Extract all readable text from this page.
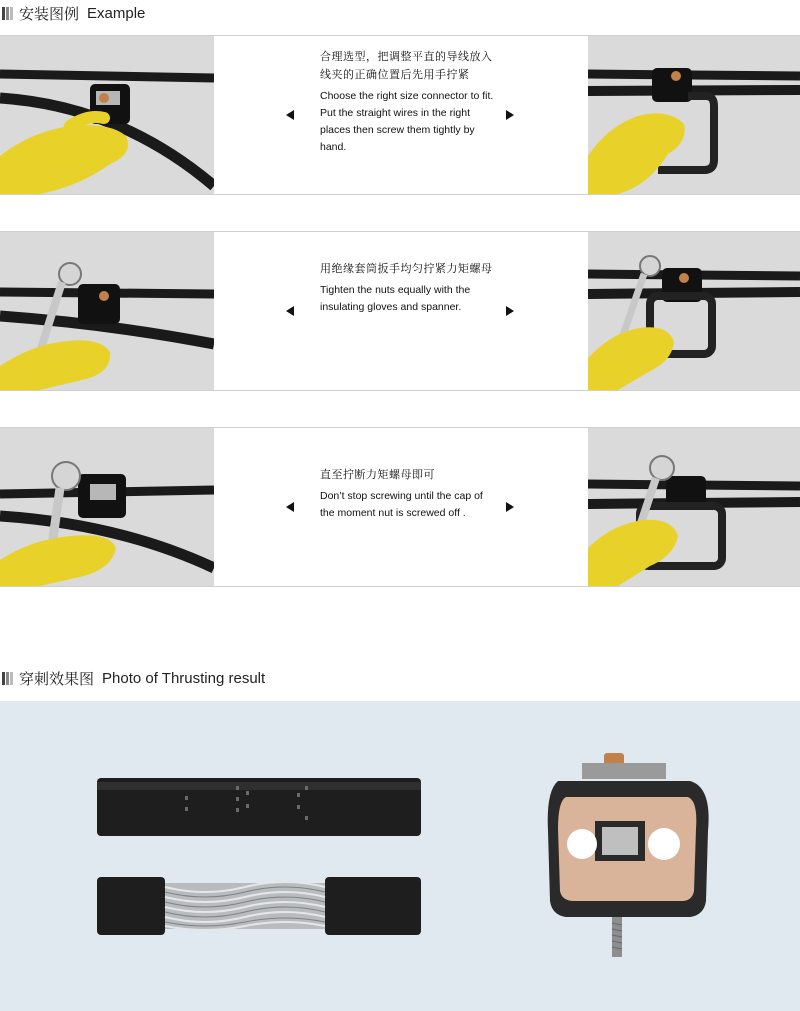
安装图例 Example

合理选型，把调整平直的导线放入线夹的正确位置后先用手拧紧

Choose the right size connector to fit. Put the straight wires in the right places then screw them tightly by hand.

用绝缘套筒扳手均匀拧紧力矩螺母

Tighten the nuts equally with the insulating gloves and spanner.

直至拧断力矩螺母即可

Don’t stop screwing until the cap of the moment nut is screwed off .

穿刺效果图 Photo of Thrusting result
